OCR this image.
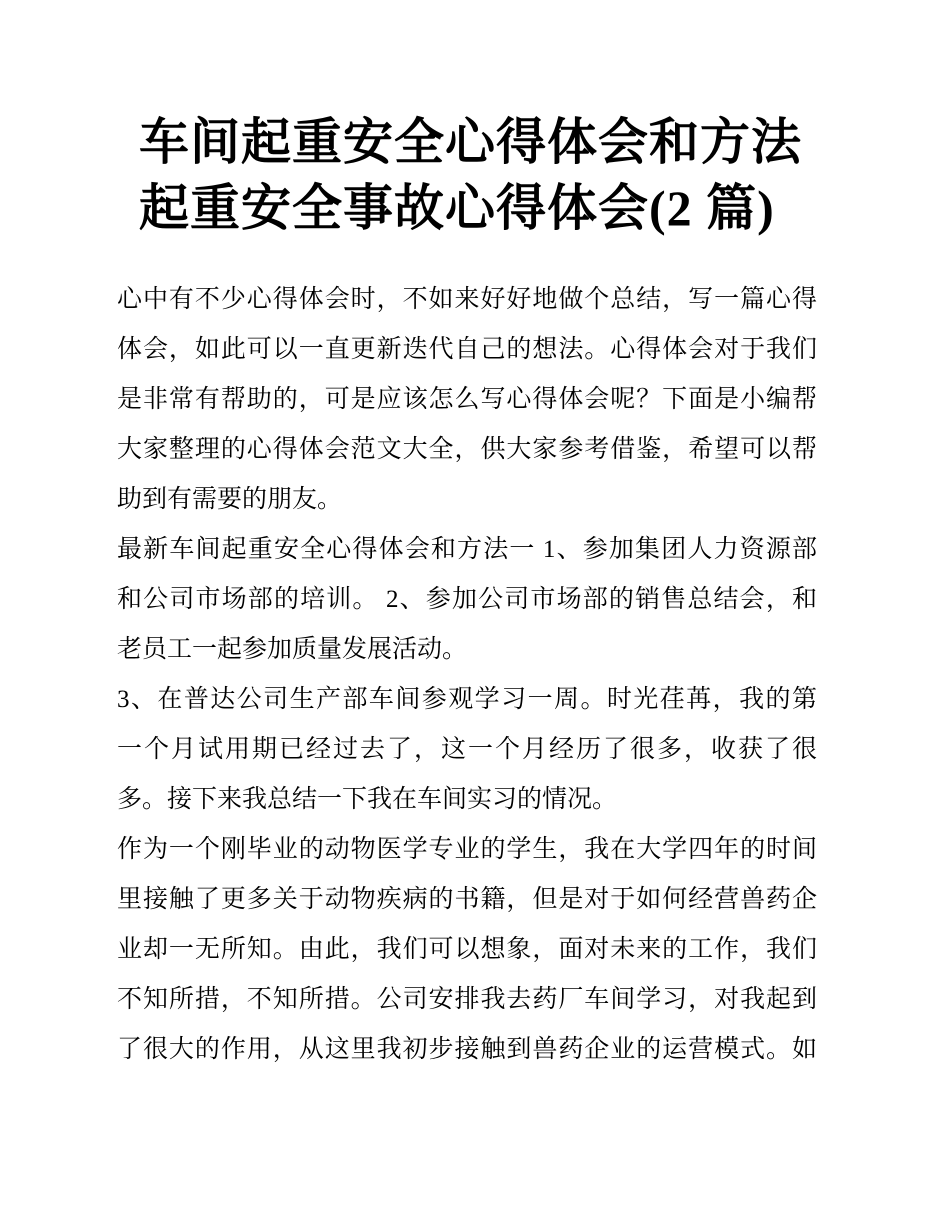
车间起重安全心得体会和方法
起重安全事故心得体会(2 篇)
心中有不少心得体会时，不如来好好地做个总结，写一篇心得
体会，如此可以一直更新迭代自己的想法。心得体会对于我们
是非常有帮助的，可是应该怎么写心得体会呢？下面是小编帮
大家整理的心得体会范文大全，供大家参考借鉴，希望可以帮
助到有需要的朋友。
最新车间起重安全心得体会和方法一 1、参加集团人力资源部
和公司市场部的培训。 2、参加公司市场部的销售总结会，和
老员工一起参加质量发展活动。
3、在普达公司生产部车间参观学习一周。时光荏苒，我的第
一个月试用期已经过去了，这一个月经历了很多，收获了很
多。接下来我总结一下我在车间实习的情况。
作为一个刚毕业的动物医学专业的学生，我在大学四年的时间
里接触了更多关于动物疾病的书籍，但是对于如何经营兽药企
业却一无所知。由此，我们可以想象，面对未来的工作，我们
不知所措，不知所措。公司安排我去药厂车间学习，对我起到
了很大的作用，从这里我初步接触到兽药企业的运营模式。如
